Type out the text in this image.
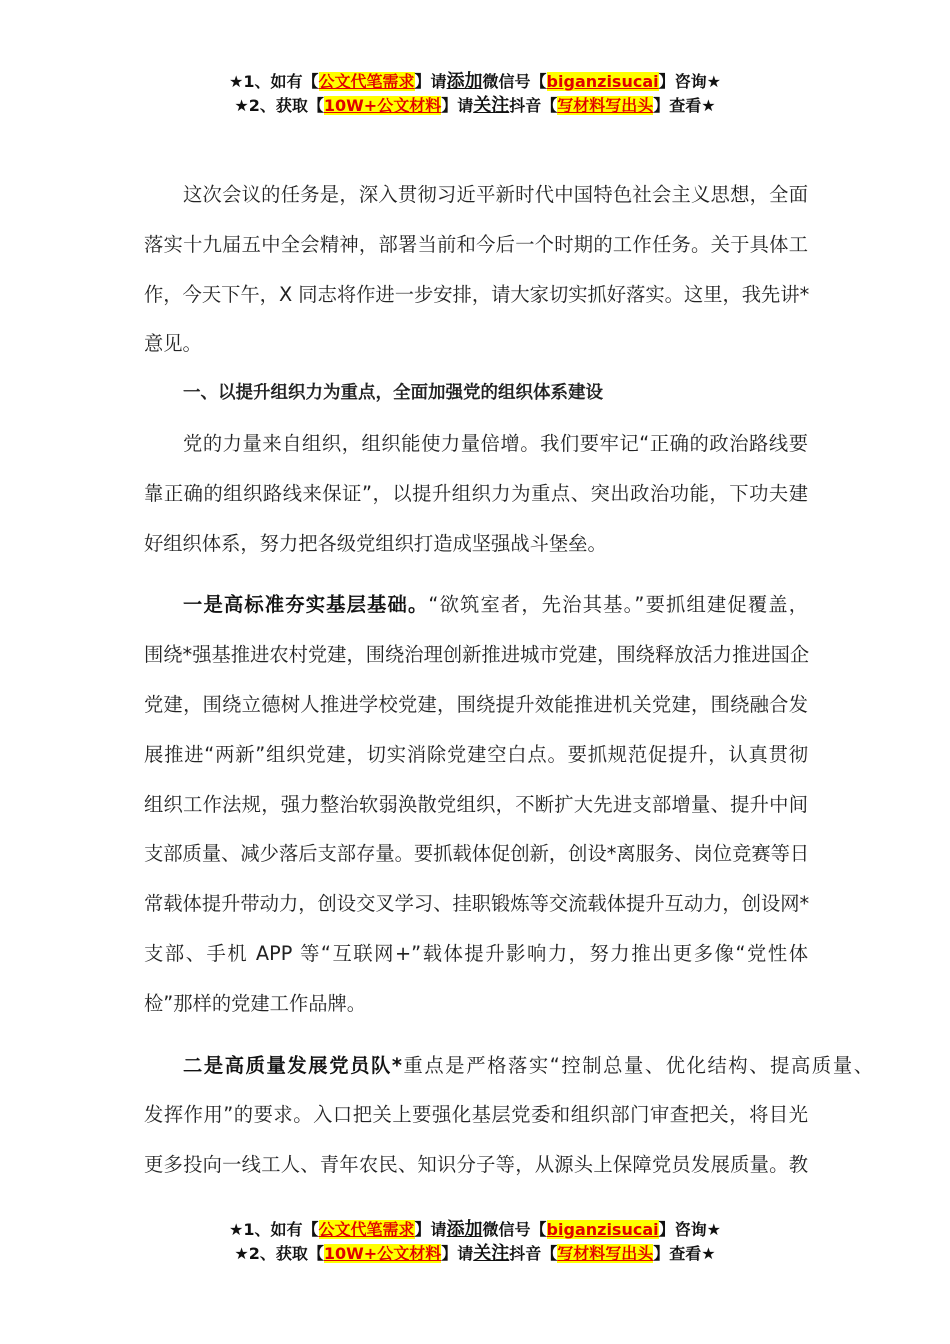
★1、如有【公文代笔需求】请添加微信号【biganzisucai】咨询★
★2、获取【10W+公文材料】请关注抖音【写材料写出头】查看★
这次会议的任务是，深入贯彻习近平新时代中国特色社会主义思想，全面
落实十九届五中全会精神，部署当前和今后一个时期的工作任务。关于具体工
作，今天下午，X 同志将作进一步安排，请大家切实抓好落实。这里，我先讲*
意见。
一、以提升组织力为重点，全面加强党的组织体系建设
党的力量来自组织，组织能使力量倍增。我们要牢记“正确的政治路线要
靠正确的组织路线来保证”，以提升组织力为重点、突出政治功能，下功夫建
好组织体系，努力把各级党组织打造成坚强战斗堡垒。
一是高标准夯实基层基础。“欲筑室者，先治其基。”要抓组建促覆盖，
围绕*强基推进农村党建，围绕治理创新推进城市党建，围绕释放活力推进国企
党建，围绕立德树人推进学校党建，围绕提升效能推进机关党建，围绕融合发
展推进“两新”组织党建，切实消除党建空白点。要抓规范促提升，认真贯彻
组织工作法规，强力整治软弱涣散党组织，不断扩大先进支部增量、提升中间
支部质量、减少落后支部存量。要抓载体促创新，创设*离服务、岗位竞赛等日
常载体提升带动力，创设交叉学习、挂职锻炼等交流载体提升互动力，创设网*
支部、手机 APP 等“互联网+”载体提升影响力，努力推出更多像“党性体
检”那样的党建工作品牌。
二是高质量发展党员队*重点是严格落实“控制总量、优化结构、提高质量、
发挥作用”的要求。入口把关上要强化基层党委和组织部门审查把关，将目光
更多投向一线工人、青年农民、知识分子等，从源头上保障党员发展质量。教
★1、如有【公文代笔需求】请添加微信号【biganzisucai】咨询★
★2、获取【10W+公文材料】请关注抖音【写材料写出头】查看★
